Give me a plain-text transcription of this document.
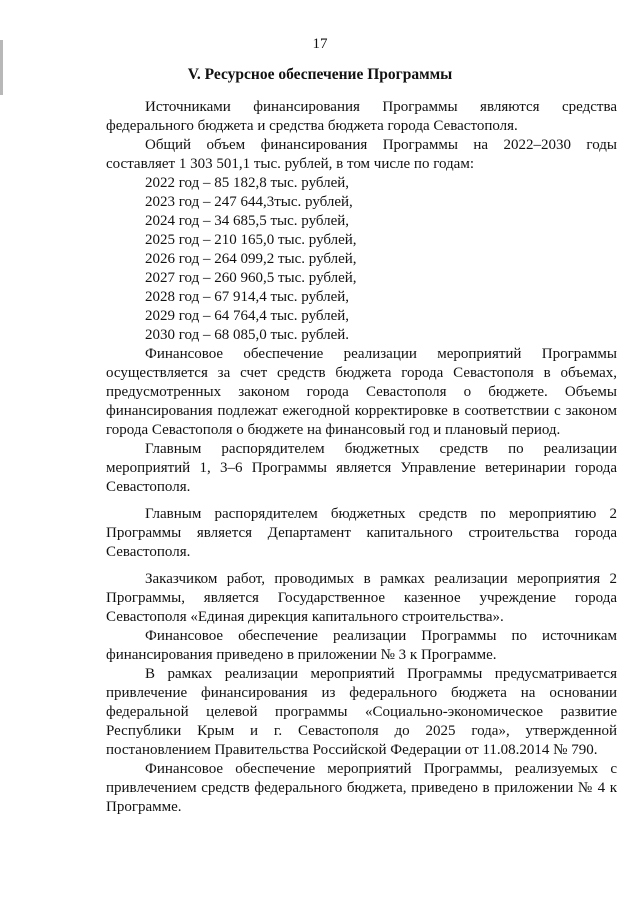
17
V. Ресурсное обеспечение Программы

Источниками финансирования Программы являются средства федерального бюджета и средства бюджета города Севастополя.

Общий объем финансирования Программы на 2022–2030 годы составляет 1 303 501,1 тыс. рублей, в том числе по годам:

2022 год – 85 182,8 тыс. рублей,
2023 год – 247 644,3тыс. рублей,
2024 год – 34 685,5 тыс. рублей,
2025 год – 210 165,0 тыс. рублей,
2026 год – 264 099,2 тыс. рублей,
2027 год – 260 960,5 тыс. рублей,
2028 год – 67 914,4 тыс. рублей,
2029 год – 64 764,4 тыс. рублей,
2030 год – 68 085,0 тыс. рублей.

Финансовое обеспечение реализации мероприятий Программы осуществляется за счет средств бюджета города Севастополя в объемах, предусмотренных законом города Севастополя о бюджете. Объемы финансирования подлежат ежегодной корректировке в соответствии с законом города Севастополя о бюджете на финансовый год и плановый период.

Главным распорядителем бюджетных средств по реализации мероприятий 1, 3–6 Программы является Управление ветеринарии города Севастополя.

Главным распорядителем бюджетных средств по мероприятию 2 Программы является Департамент капитального строительства города Севастополя.

Заказчиком работ, проводимых в рамках реализации мероприятия 2 Программы, является Государственное казенное учреждение города Севастополя «Единая дирекция капитального строительства».

Финансовое обеспечение реализации Программы по источникам финансирования приведено в приложении № 3 к Программе.

В рамках реализации мероприятий Программы предусматривается привлечение финансирования из федерального бюджета на основании федеральной целевой программы «Социально-экономическое развитие Республики Крым и г. Севастополя до 2025 года», утвержденной постановлением Правительства Российской Федерации от 11.08.2014 № 790.

Финансовое обеспечение мероприятий Программы, реализуемых с привлечением средств федерального бюджета, приведено в приложении № 4 к Программе.
